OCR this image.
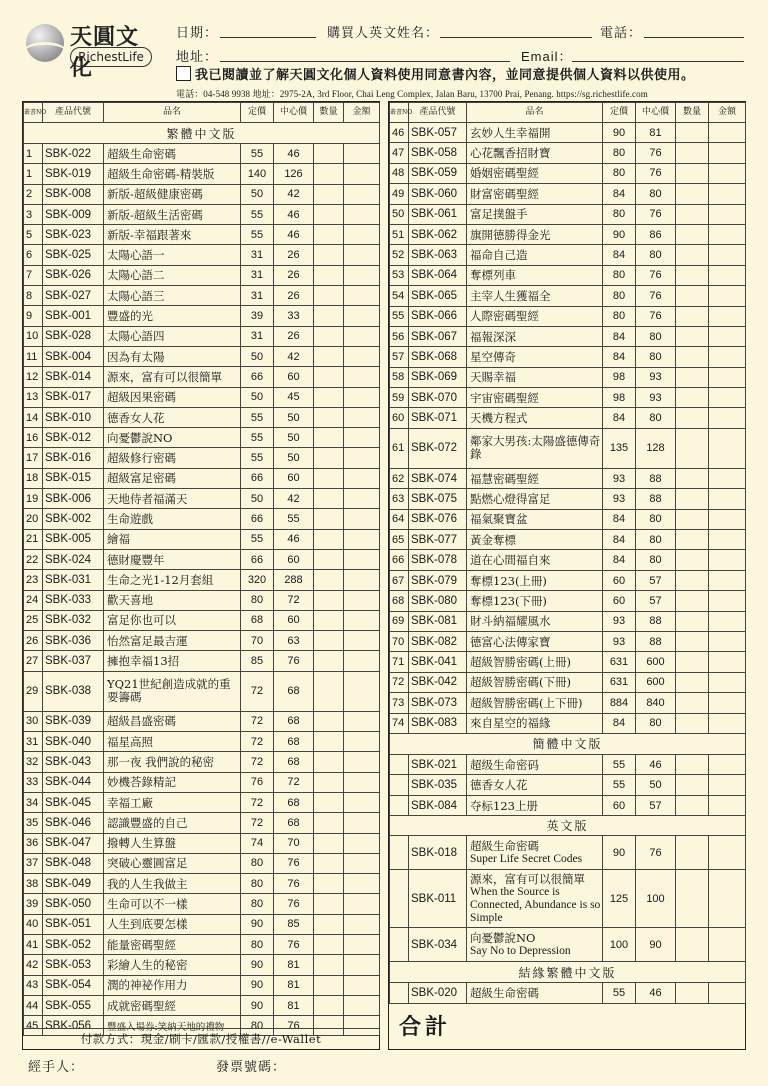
天圓文化
RichestLife
日期：	購買人英文姓名：	電話：
地址：	Email：
我已閱讀並了解天圓文化個人資料使用同意書內容，並同意提供個人資料以供使用。
電話：04-548 9938 地址：2975-2A, 3rd Floor, Chai Leng Complex, Jalan Baru, 13700 Prai, Penang. https://sg.richestlife.com
叢書NO	產品代號	品名	定價	中心價	數量	金額
繁體中文版						
1	SBK-022	超級生命密碼	55	46		
1	SBK-019	超級生命密碼-精裝版	140	126		
2	SBK-008	新版-超級健康密碼	50	42		
3	SBK-009	新版-超級生活密碼	55	46		
5	SBK-023	新版-幸福跟著來	55	46		
6	SBK-025	太陽心語一	31	26		
7	SBK-026	太陽心語二	31	26		
8	SBK-027	太陽心語三	31	26		
9	SBK-001	豐盛的光	39	33		
10	SBK-028	太陽心語四	31	26		
11	SBK-004	因為有太陽	50	42		
12	SBK-014	源來，富有可以很簡單	66	60		
13	SBK-017	超級因果密碼	50	45		
14	SBK-010	德香女人花	55	50		
16	SBK-012	向憂鬱說NO	55	50		
17	SBK-016	超級修行密碼	55	50		
18	SBK-015	超級富足密碼	66	60		
19	SBK-006	天地侍者福滿天	50	42		
20	SBK-002	生命遊戲	66	55		
21	SBK-005	繪福	55	46		
22	SBK-024	德財慶豐年	66	60		
23	SBK-031	生命之光1-12月套組	320	288		
24	SBK-033	歡天喜地	80	72		
25	SBK-032	富足你也可以	68	60		
26	SBK-036	怡然富足最吉運	70	63		
27	SBK-037	擁抱幸福13招	85	76		
29	SBK-038	YQ21世紀創造成就的重要籌碼	72	68		
30	SBK-039	超級昌盛密碼	72	68		
31	SBK-040	福星高照	72	68		
32	SBK-043	那一夜 我們說的秘密	72	68		
33	SBK-044	妙機荅錄精記	76	72		
34	SBK-045	幸福工廠	72	68		
35	SBK-046	認識豐盛的自己	72	68		
36	SBK-047	撥轉人生算盤	74	70		
37	SBK-048	突破心靈圓富足	80	76		
38	SBK-049	我的人生我做主	80	76		
39	SBK-050	生命可以不一樣	80	76		
40	SBK-051	人生到底要怎樣	90	85		
41	SBK-052	能量密碼聖經	80	76		
42	SBK-053	彩繪人生的秘密	90	81		
43	SBK-054	潤的神祕作用力	90	81		
44	SBK-055	成就密碼聖經	90	81		
45	SBK-056	豐盛入場券:笑納天地的禮物	80	76		
付款方式：現金/刷卡/匯款/授權書//e-Wallet
叢書NO	產品代號	品名	定價	中心價	數量	金額
46	SBK-057	玄妙人生幸福開	90	81		
47	SBK-058	心花飄香招財寶	80	76		
48	SBK-059	婚姻密碼聖經	80	76		
49	SBK-060	財富密碼聖經	84	80		
50	SBK-061	富足撲盤手	80	76		
51	SBK-062	旗開德勝得金光	90	86		
52	SBK-063	福命自己造	84	80		
53	SBK-064	奪標列車	80	76		
54	SBK-065	主宰人生獲福全	80	76		
55	SBK-066	人際密碼聖經	80	76		
56	SBK-067	福報深深	84	80		
57	SBK-068	星空傳奇	84	80		
58	SBK-069	天賜幸福	98	93		
59	SBK-070	宇宙密碼聖經	98	93		
60	SBK-071	天機方程式	84	80		
61	SBK-072	鄰家大男孩:太陽盛德傳奇錄	135	128		
62	SBK-074	福慧密碼聖經	93	88		
63	SBK-075	點燃心燈得富足	93	88		
64	SBK-076	福氣聚寶盆	84	80		
65	SBK-077	黃金奪標	84	80		
66	SBK-078	道在心間福自來	84	80		
67	SBK-079	奪標123(上冊)	60	57		
68	SBK-080	奪標123(下冊)	60	57		
69	SBK-081	財斗納福耀風水	93	88		
70	SBK-082	德富心法傳家寶	93	88		
71	SBK-041	超級智勝密碼(上冊)	631	600		
72	SBK-042	超級智勝密碼(下冊)	631	600		
73	SBK-073	超級智勝密碼(上下冊)	884	840		
74	SBK-083	來自星空的福緣	84	80		
簡體中文版						
	SBK-021	超级生命密码	55	46		
	SBK-035	德香女人花	55	50		
	SBK-084	夺标123上册	60	57		
英文版						
	SBK-018	超級生命密碼
Super Life Secret Codes	90	76		
	SBK-011	源來，富有可以很簡單
When the Source is Connected, Abundance is so Simple	125	100		
	SBK-034	向憂鬱說NO
Say No to Depression	100	90		
結緣繁體中文版						
	SBK-020	超級生命密碼	55	46		
合計
經手人：	發票號碼：
